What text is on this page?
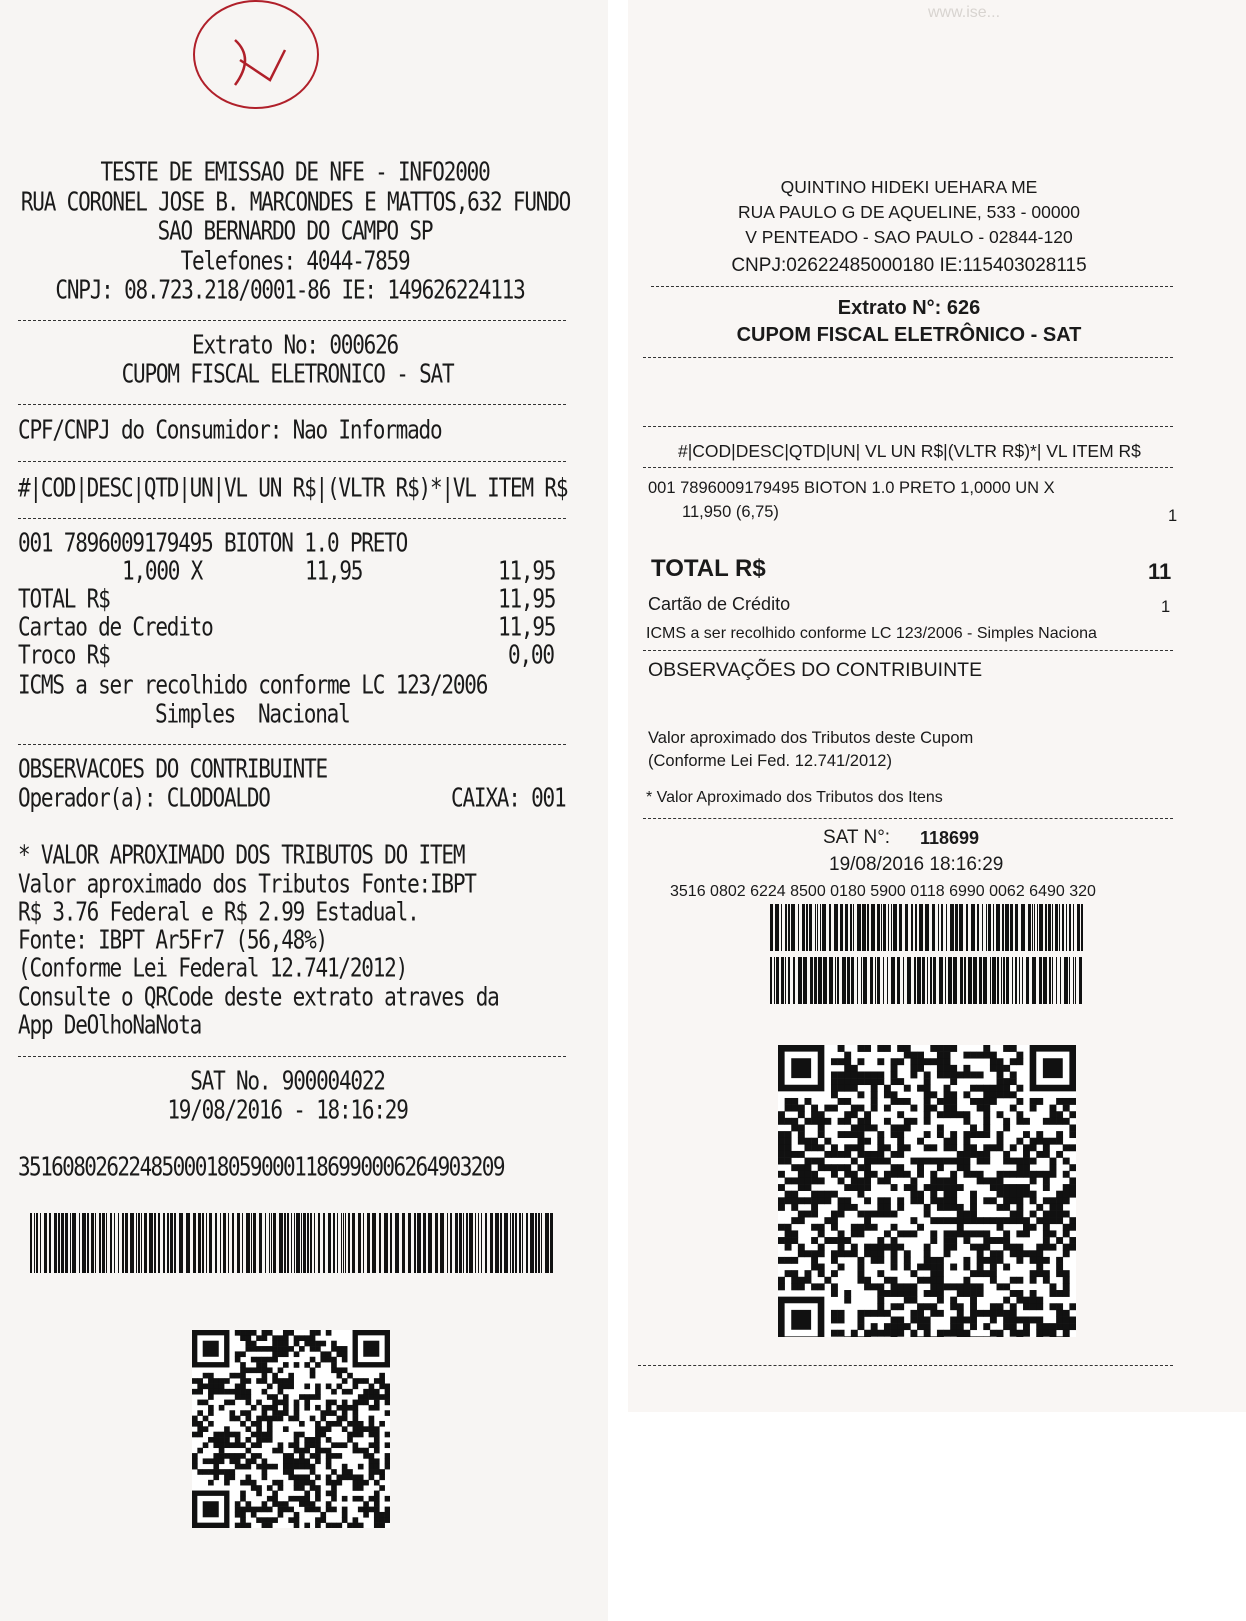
TESTE DE EMISSAO DE NFE - INFO2000
RUA CORONEL JOSE B. MARCONDES E MATTOS,632 FUNDO
SAO BERNARDO DO CAMPO SP
Telefones: 4044-7859
CNPJ: 08.723.218/0001-86 IE: 149626224113
Extrato No: 000626
CUPOM FISCAL ELETRONICO - SAT
CPF/CNPJ do Consumidor: Nao Informado
#|COD|DESC|QTD|UN|VL UN R$|(VLTR R$)*|VL ITEM R$
001 7896009179495 BIOTON 1.0 PRETO
1,000 X	11,95	11,95
TOTAL R$	11,95
Cartao de Credito	11,95
Troco R$	0,00
ICMS a ser recolhido conforme LC 123/2006
Simples  Nacional
OBSERVACOES DO CONTRIBUINTE
Operador(a): CLODOALDO	CAIXA: 001
* VALOR APROXIMADO DOS TRIBUTOS DO ITEM
Valor aproximado dos Tributos Fonte:IBPT
R$ 3.76 Federal e R$ 2.99 Estadual.
Fonte: IBPT Ar5Fr7 (56,48%)
(Conforme Lei Federal 12.741/2012)
Consulte o QRCode deste extrato atraves da
App DeOlhoNaNota
SAT No. 900004022
19/08/2016 - 18:16:29
35160802622485000180590001186990006264903209
www.ise...
QUINTINO HIDEKI UEHARA ME
RUA PAULO G DE AQUELINE, 533 - 00000
V PENTEADO - SAO PAULO - 02844-120
CNPJ:02622485000180 IE:115403028115
Extrato N°: 626
CUPOM FISCAL ELETRÔNICO - SAT
#|COD|DESC|QTD|UN| VL UN R$|(VLTR R$)*| VL ITEM R$
001 7896009179495 BIOTON 1.0 PRETO 1,0000 UN X
11,950 (6,75)	1
TOTAL R$	11
Cartão de Crédito	1
ICMS a ser recolhido conforme LC 123/2006 - Simples Naciona
OBSERVAÇÕES DO CONTRIBUINTE
Valor aproximado dos Tributos deste Cupom
(Conforme Lei Fed. 12.741/2012)
* Valor Aproximado dos Tributos dos Itens
SAT N°: 118699
19/08/2016 18:16:29
3516 0802 6224 8500 0180 5900 0118 6990 0062 6490 320
